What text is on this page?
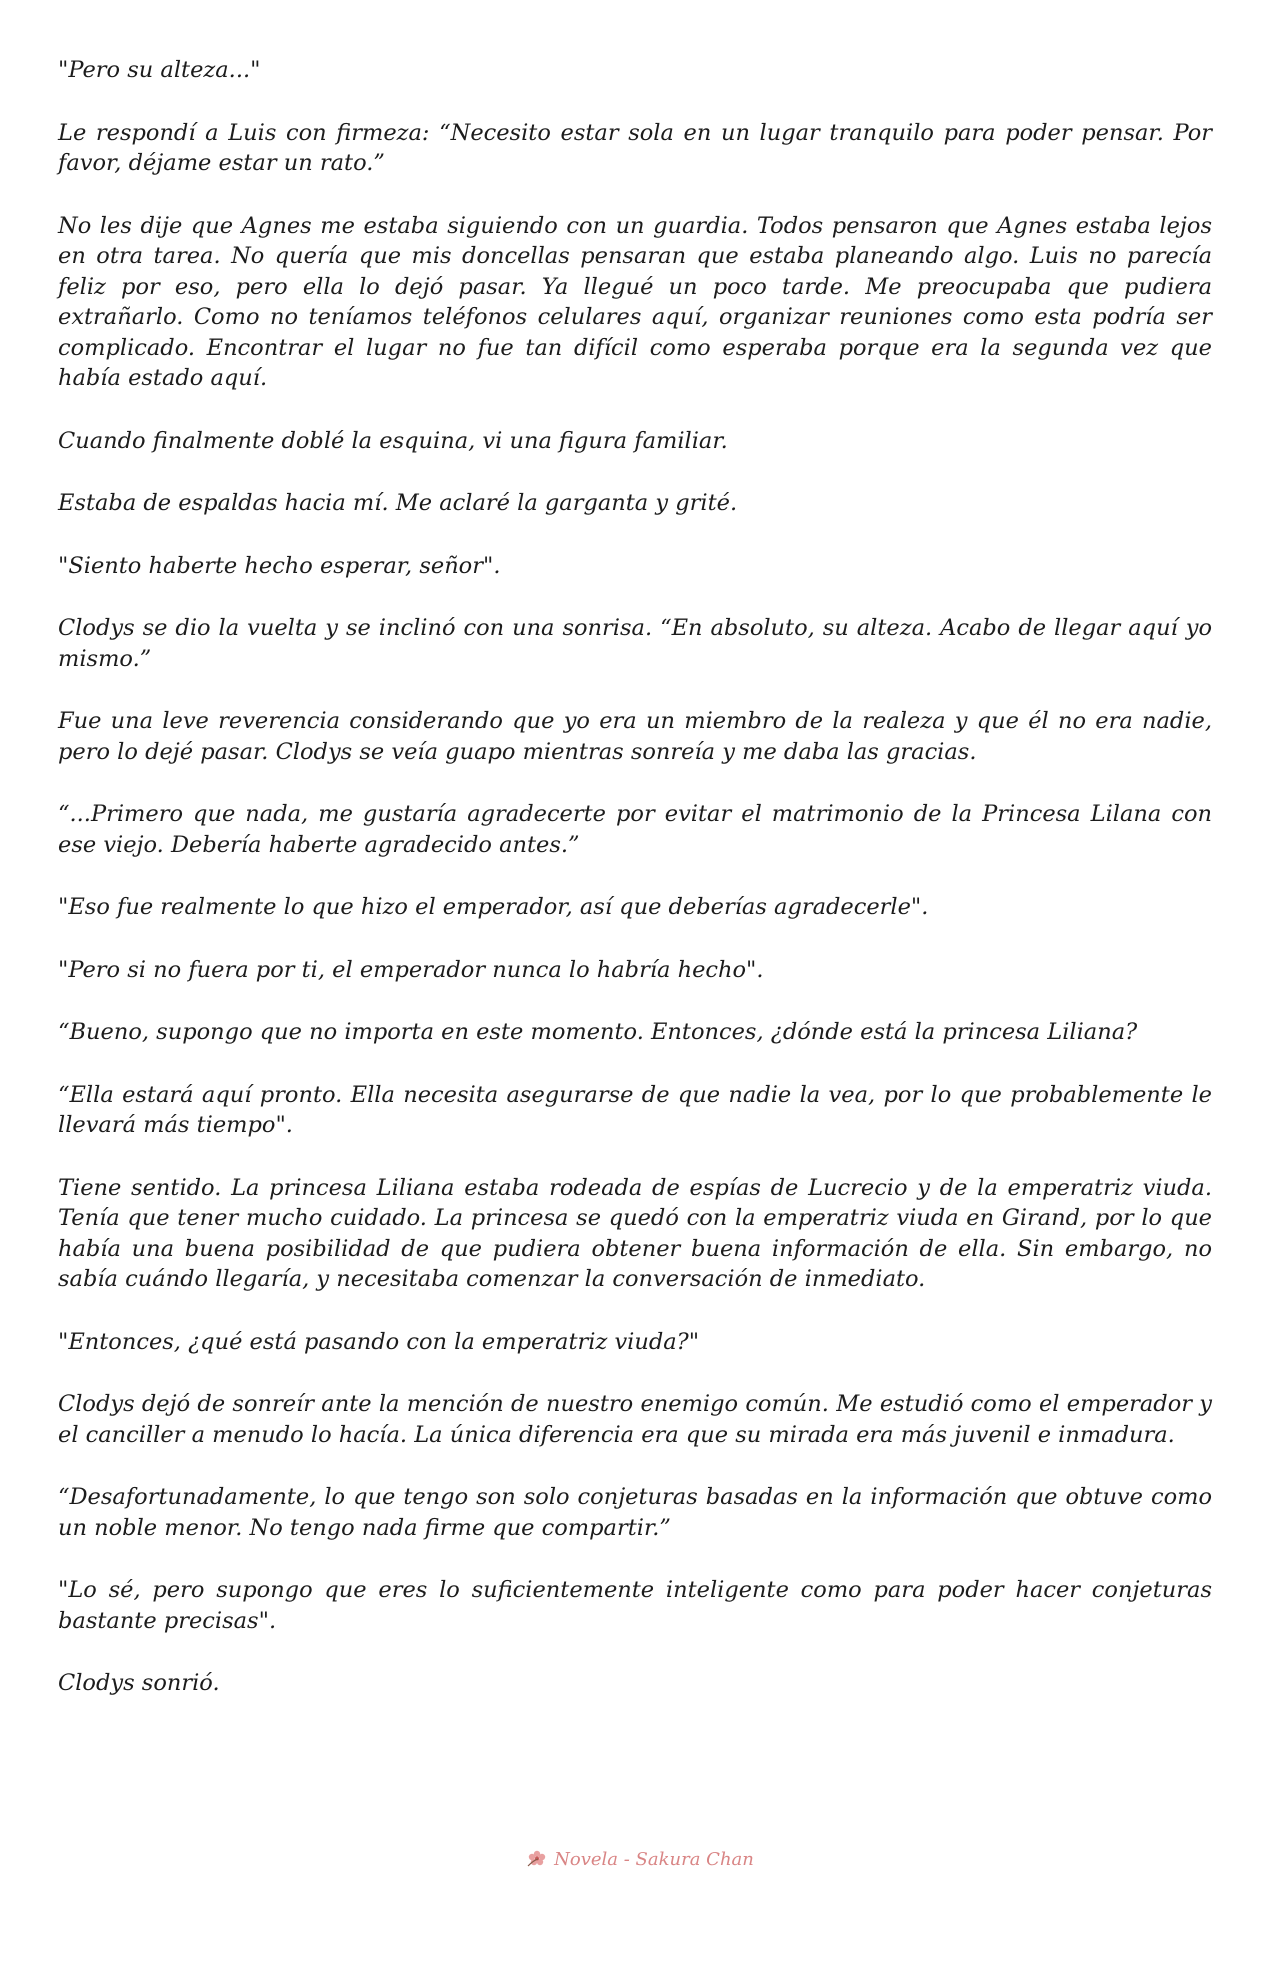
"Pero su alteza..."

Le respondí a Luis con firmeza: “Necesito estar sola en un lugar tranquilo para poder pensar. Por favor, déjame estar un rato.”

No les dije que Agnes me estaba siguiendo con un guardia. Todos pensaron que Agnes estaba lejos en otra tarea. No quería que mis doncellas pensaran que estaba planeando algo. Luis no parecía feliz por eso, pero ella lo dejó pasar. Ya llegué un poco tarde. Me preocupaba que pudiera extrañarlo. Como no teníamos teléfonos celulares aquí, organizar reuniones como esta podría ser complicado. Encontrar el lugar no fue tan difícil como esperaba porque era la segunda vez que había estado aquí.

Cuando finalmente doblé la esquina, vi una figura familiar.

Estaba de espaldas hacia mí. Me aclaré la garganta y grité.

"Siento haberte hecho esperar, señor".

Clodys se dio la vuelta y se inclinó con una sonrisa. “En absoluto, su alteza. Acabo de llegar aquí yo mismo.”

Fue una leve reverencia considerando que yo era un miembro de la realeza y que él no era nadie, pero lo dejé pasar. Clodys se veía guapo mientras sonreía y me daba las gracias.

“...Primero que nada, me gustaría agradecerte por evitar el matrimonio de la Princesa Lilana con ese viejo. Debería haberte agradecido antes.”

"Eso fue realmente lo que hizo el emperador, así que deberías agradecerle".

"Pero si no fuera por ti, el emperador nunca lo habría hecho".

“Bueno, supongo que no importa en este momento. Entonces, ¿dónde está la princesa Liliana?

“Ella estará aquí pronto. Ella necesita asegurarse de que nadie la vea, por lo que probablemente le llevará más tiempo".

Tiene sentido. La princesa Liliana estaba rodeada de espías de Lucrecio y de la emperatriz viuda. Tenía que tener mucho cuidado. La princesa se quedó con la emperatriz viuda en Girand, por lo que había una buena posibilidad de que pudiera obtener buena información de ella. Sin embargo, no sabía cuándo llegaría, y necesitaba comenzar la conversación de inmediato.

"Entonces, ¿qué está pasando con la emperatriz viuda?"

Clodys dejó de sonreír ante la mención de nuestro enemigo común. Me estudió como el emperador y el canciller a menudo lo hacía. La única diferencia era que su mirada era más juvenil e inmadura.

“Desafortunadamente, lo que tengo son solo conjeturas basadas en la información que obtuve como un noble menor. No tengo nada firme que compartir.”

"Lo sé, pero supongo que eres lo suficientemente inteligente como para poder hacer conjeturas bastante precisas".

Clodys sonrió.

Novela - Sakura Chan
